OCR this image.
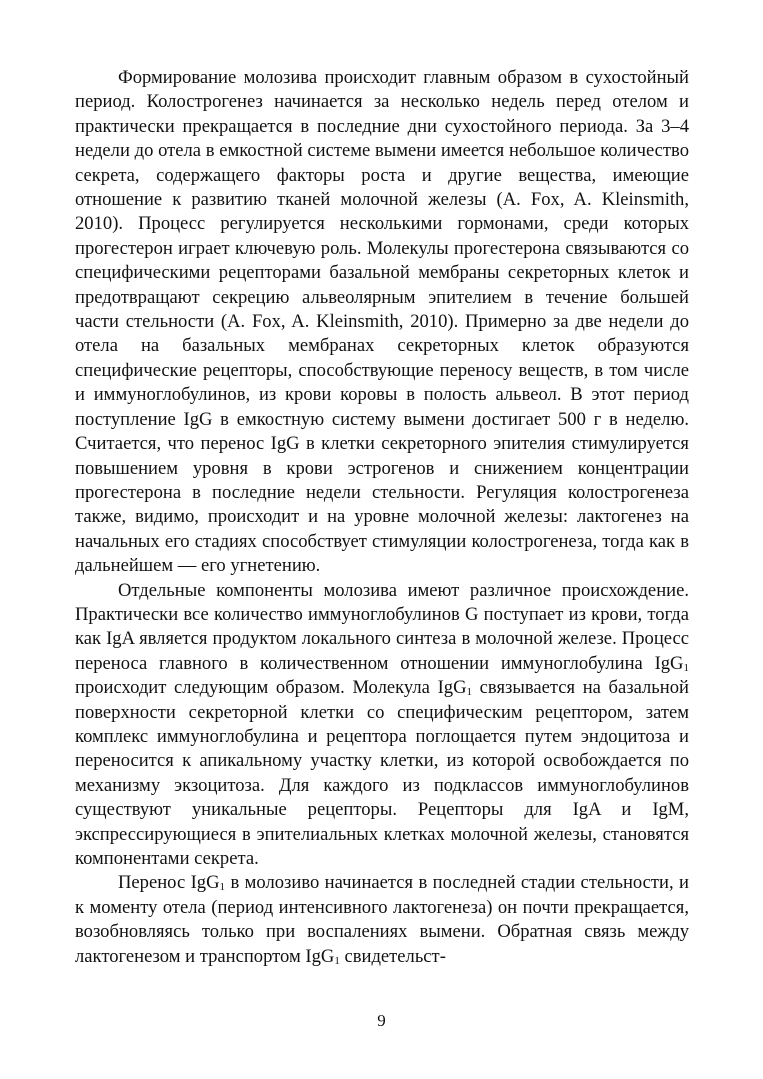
Формирование молозива происходит главным образом в сухостойный период. Колострогенез начинается за несколько недель перед отелом и практически прекращается в последние дни сухостойного периода. За 3–4 недели до отела в емкостной системе вымени имеется небольшое количество секрета, содержащего факторы роста и другие вещества, имеющие отношение к развитию тканей молочной железы (A. Fox, A. Kleinsmith, 2010). Процесс регулируется несколькими гормонами, среди которых прогестерон играет ключевую роль. Молекулы прогестерона связываются со специфическими рецепторами базальной мембраны секреторных клеток и предотвращают секрецию альвеолярным эпителием в течение большей части стельности (A. Fox, A. Kleinsmith, 2010). Примерно за две недели до отела на базальных мембранах секреторных клеток образуются специфические рецепторы, способствующие переносу веществ, в том числе и иммуноглобулинов, из крови коровы в полость альвеол. В этот период поступление IgG в емкостную систему вымени достигает 500 г в неделю. Считается, что перенос IgG в клетки секреторного эпителия стимулируется повышением уровня в крови эстрогенов и снижением концентрации прогестерона в последние недели стельности. Регуляция колострогенеза также, видимо, происходит и на уровне молочной железы: лактогенез на начальных его стадиях способствует стимуляции колострогенеза, тогда как в дальнейшем — его угнетению.

Отдельные компоненты молозива имеют различное происхождение. Практически все количество иммуноглобулинов G поступает из крови, тогда как IgA является продуктом локального синтеза в молочной железе. Процесс переноса главного в количественном отношении иммуноглобулина IgG$_1$ происходит следующим образом. Молекула IgG$_1$ связывается на базальной поверхности секреторной клетки со специфическим рецептором, затем комплекс иммуноглобулина и рецептора поглощается путем эндоцитоза и переносится к апикальному участку клетки, из которой освобождается по механизму экзоцитоза. Для каждого из подклассов иммуноглобулинов существуют уникальные рецепторы. Рецепторы для IgA и IgM, экспрессирующиеся в эпителиальных клетках молочной железы, становятся компонентами секрета.

Перенос IgG$_1$ в молозиво начинается в последней стадии стельности, и к моменту отела (период интенсивного лактогенеза) он почти прекращается, возобновляясь только при воспалениях вымени. Обратная связь между лактогенезом и транспортом IgG$_1$ свидетельст-

9
